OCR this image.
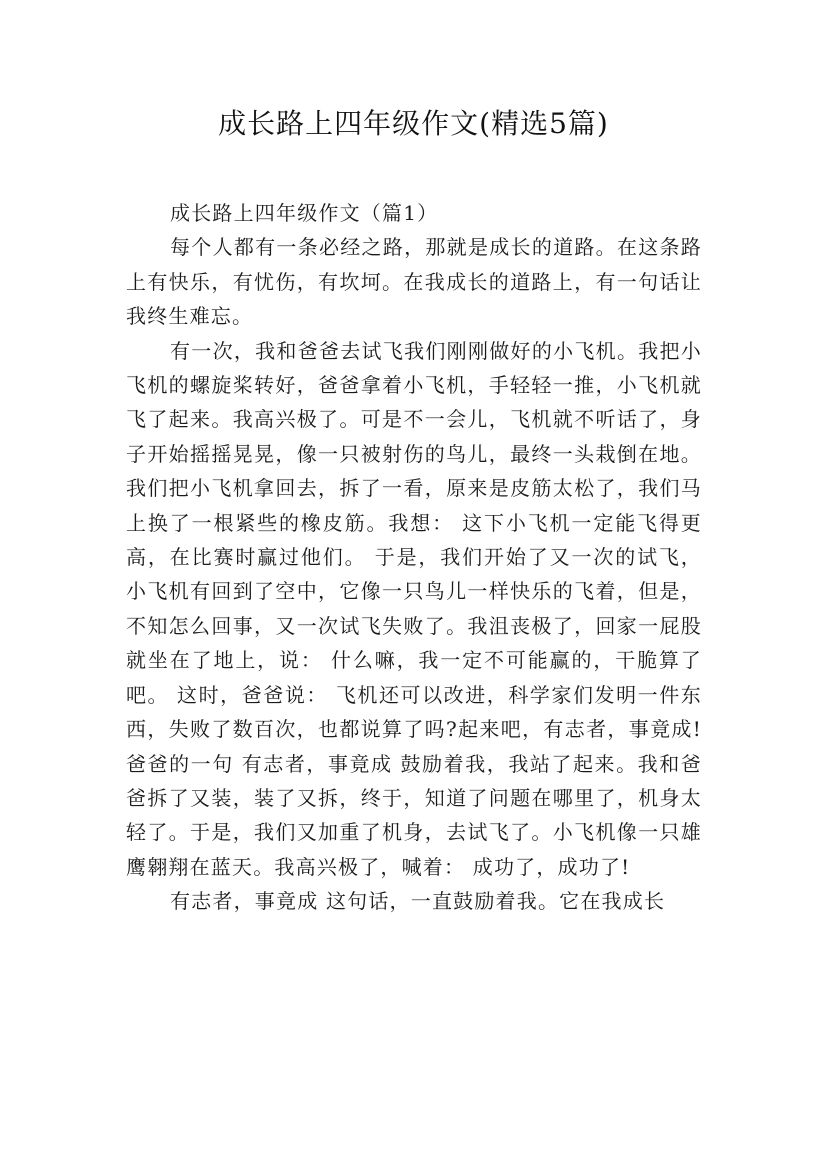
成长路上四年级作文(精选5篇)

成长路上四年级作文（篇1）

每个人都有一条必经之路，那就是成长的道路。在这条路上有快乐，有忧伤，有坎坷。在我成长的道路上，有一句话让我终生难忘。

有一次，我和爸爸去试飞我们刚刚做好的小飞机。我把小飞机的螺旋桨转好，爸爸拿着小飞机，手轻轻一推，小飞机就飞了起来。我高兴极了。可是不一会儿，飞机就不听话了，身子开始摇摇晃晃，像一只被射伤的鸟儿，最终一头栽倒在地。我们把小飞机拿回去，拆了一看，原来是皮筋太松了，我们马上换了一根紧些的橡皮筋。我想： 这下小飞机一定能飞得更高，在比赛时赢过他们。 于是，我们开始了又一次的试飞，小飞机有回到了空中，它像一只鸟儿一样快乐的飞着，但是，不知怎么回事，又一次试飞失败了。我沮丧极了，回家一屁股就坐在了地上，说： 什么嘛，我一定不可能赢的，干脆算了吧。 这时，爸爸说： 飞机还可以改进，科学家们发明一件东西，失败了数百次，也都说算了吗?起来吧，有志者，事竟成! 爸爸的一句 有志者，事竟成 鼓励着我，我站了起来。我和爸爸拆了又装，装了又拆，终于，知道了问题在哪里了，机身太轻了。于是，我们又加重了机身，去试飞了。小飞机像一只雄鹰翱翔在蓝天。我高兴极了，喊着： 成功了，成功了!

有志者，事竟成 这句话，一直鼓励着我。它在我成长
